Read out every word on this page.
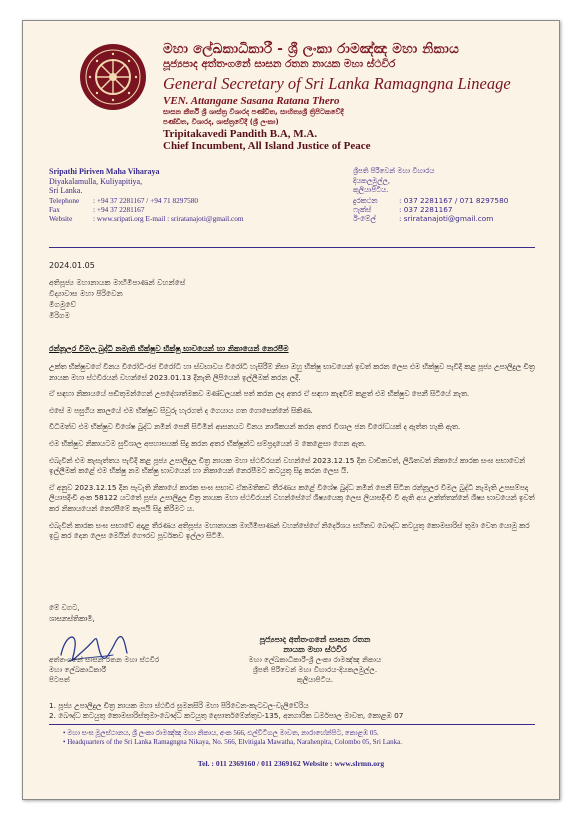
මහා ලේඛකාධිකාරී - ශ්‍රී ලංකා රාමඤ්ඤ මහා නිකාය
පූජ්‍යපාද අත්තංගනේ සාසන රතන නායක මහා ස්ථවිර
General Secretary of Sri Lanka Ramagngna Lineage
VEN. Attangane Sasana Ratana Thero
සාසන කීර්ති ශ්‍රී ශාස්ත්‍ර විශාරද පණ්ඩිත, සාහිත්‍යශ්‍රී ත්‍රිපිටකවේදී
පණ්ඩිත, විශාරද, ශාස්ත්‍රවේදී (ශ්‍රී ලංකා)
Tripitakavedi Pandith B.A, M.A.
Chief Incumbent, All Island Justice of Peace
Sripathi Piriven Maha Viharaya
Diyakalamulla, Kuliyapitiya,
Sri Lanka.
Telephone	: +94 37 2281167 / +94 71 8297580
Fax	: +94 37 2281167
Website	: www.sripati.org E-mail : sriratanajoti@gmail.com
ශ්‍රීපති පිරිවෙන් මහා විහාරය
දියකලමුල්ල,
කුලියාපිටිය.
දුරකථන	: 037 2281167 / 071 8297580
ෆැක්ස්	: 037 2281167
ඊ-මේල්	: sriratanajoti@gmail.com
2024.01.05
අතිපූජ්‍ය මහානායක මාහිමිපාණන් වහන්සේ
විද්‍යාවාස මහා පිරිවෙන
මීගමුවේ
මීරිගම
රන්නූලර විමල බුද්ධි නමැති භික්ෂුව භික්ෂු භාවයෙන් හා නිකායෙන් නෙරපීම

උක්ත භික්ෂුවගේ විනය විරෝධී-රජ විරෝධී හා ස්වභාවය විරෝධී හැසිරීම් නිසා ඔහු භික්ෂු භාවයෙන් ඉවත් කරන ලෙස එම භික්ෂුව පැවිදි කළ පූජ්‍ය උපාලිදුල චිත්‍ර නායක මහා ස්ථවිරයන් වහන්සේ 2023.01.13 දිනැති ලිපියෙන් ඉල්ලීමක් කරන ලදී.

ඒ සඳහා නිකායයේ පඬිතුමන්ගෙන් උපදේශාත්මකව මණ්ඩලයක් පත් කරන ලද අතර ඒ සඳහා කැඳවීම් කළත් එම භික්ෂුව පෙනී සිටියේ නැත.

එසේ ම පසුගිය කාලයේ එම භික්ෂුව සිවුරු හැරගත් ද ගෙයාය ගත ගොසෙන්නේ සිකිණ.

විධිමත්ව එම භික්ෂුව විශේෂ බුද්ධ නමින් පෙනී සිටීමින් ආසනයට විනය නාශිකයන් කරන අතර විශාල ජන විරෝධයක් ද ඇත්ත හැකි ඇත.

එම භික්ෂුව නිකායටම සුවිශාල අපහාසයක් සිදු කරන අතර භික්ෂූන්ට සම්ප්‍රදායෙන් ම කෙළෙසා ගෙන ඇත.

එබැවින් එම කැසැත්තය පැවිදි කළ පූජ්‍ය උපාලිදුල චිත්‍ර නායක මහා ස්ථවිරයන් වහන්සේ 2023.12.15 දින වාචිකවත්, ලිඛිතවත් නිකායේ කාරක සංඝ සභාවෙන් ඉල්ලීමක් කළේ එම භික්ෂු නම භික්ෂු භාවයෙන් හා නිකායෙන් නෙරපීමට කටයුතු සිදු කරන ලෙස යි.

ඒ අනුව 2023.12.15 දින පැවැති නිකායේ කාරක සංඝ සභාව ඒකමතිකව තීරණය කළේ විශේෂ බුද්ධ නමින් පෙනී සිටින රන්නූලර විමල බුද්ධි නැමැති උපසම්පදා ලියාපදිංචි අංක 58122 යටතේ පූජ්‍ය උපාලිදුල චිත්‍ර නායක මහා ස්ථවිරයන් වහන්සේගේ ශිෂ්‍යයෙකු ලෙස ලියාපදිංචි වී ඇති අය උක්ත්තන්නේ ශිෂ්‍ය භාවයෙන් ඉවත් කර නිකායයෙන් නෙරපීමේ කැපයි සිදු කිරීමට ය.

එබැවින් කාරක සංඝ සභාවේ අදාළ තීරණය අතිපූජ්‍ය මහානායක මාහිමිපාණන් වහන්සේගේ නිර්දේශය සහිතව බෞද්ධ කටයුතු කොමසාරිස් තුමා වෙත යොමු කර ඉටු කර දෙන ලෙස මෙයින් ගෞරව පූර්වකව ඉල්ලා සිටිමි.

මේ වගට,
ශාසනස්තිකාමී,
අත්තංගනේ සාසන රතන මහා ස්ථවිර
මහා ලේඛකාධිකාරී
පිටපත්
පූජ්‍යපාද අත්තංගනේ සාසන රතන
නායක මහා ස්ථවිර
මහා ලේඛකාධිකාරී-ශ්‍රී ලංකා රාමඤ්ඤ නිකාය
ශ්‍රීපති පිරිවෙන් මහා විහාරය-දියකලමුල්ල.
කුලියාපිටිය.
1. පූජ්‍ය උපාලිදුල චිත්‍ර නායක මහා ස්ථවිර සුමනසිරි මහා පිරිවෙන-කැටවල-වැලිවේරිය
2. බෞද්ධ කටයුතු කොමසාරිස්තුමා-බෞද්ධ කටයුතු දෙපාර්තමේන්තුව-135, අනගාරික ධර්මපාල මාවත, කොළඹ 07
• මහා සංඝ මූලස්ථානය, ශ්‍රී ලංකා රාමඤ්ඤ මහා නිකාය, අංක 566, එල්විටිගල මාවත, නාරාහේන්පිට, කොළඹ 05.
• Headquarters of the Sri Lanka Ramagngna Nikaya, No. 566, Elvitigala Mawatha, Narahenpita, Colombo 05, Sri Lanka.
Tel. : 011 2369160 / 011 2369162 Website : www.slrmn.org
